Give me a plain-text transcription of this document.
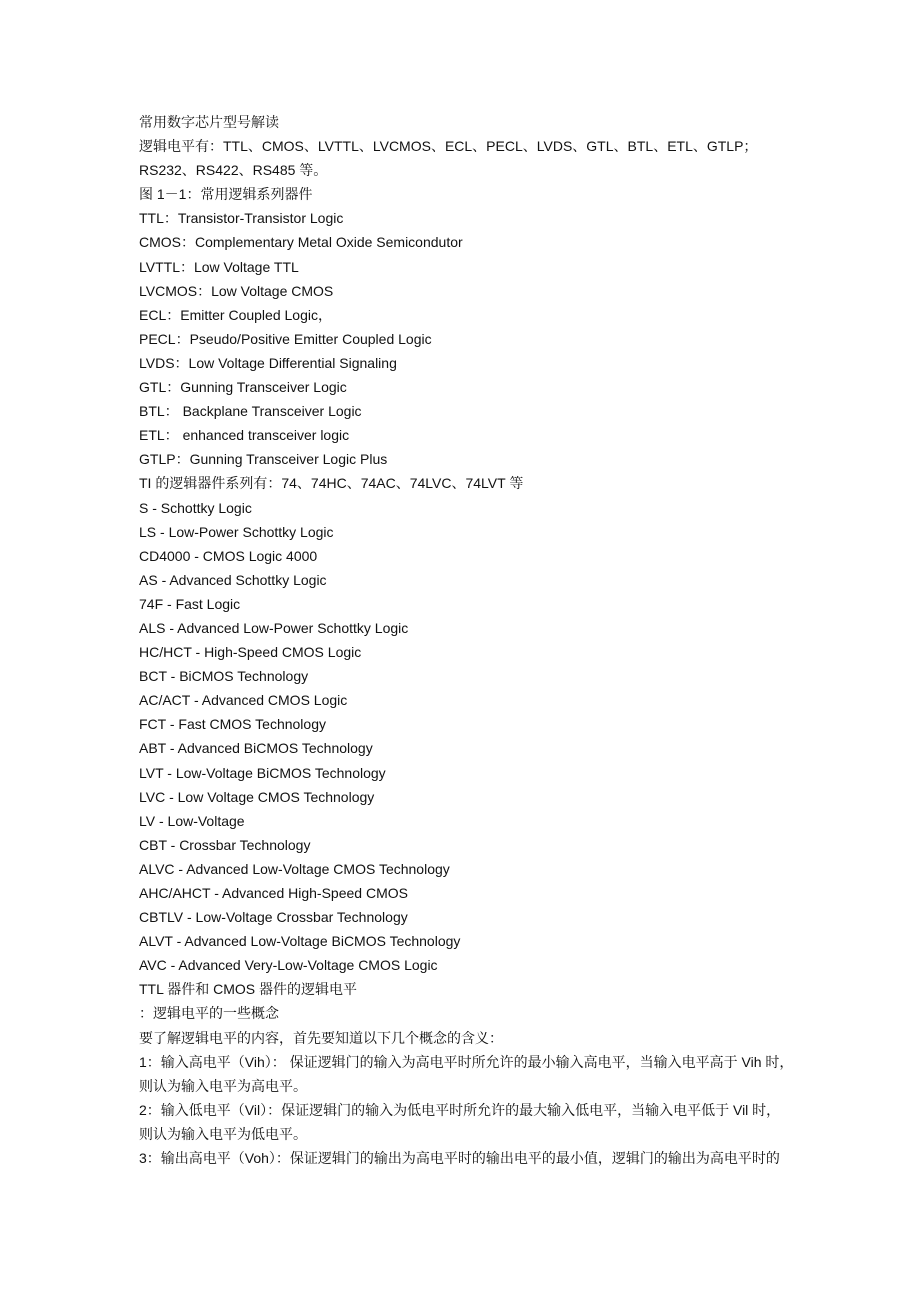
常用数字芯片型号解读
逻辑电平有：TTL、CMOS、LVTTL、LVCMOS、ECL、PECL、LVDS、GTL、BTL、ETL、GTLP；
RS232、RS422、RS485 等。
图 1－1：常用逻辑系列器件
TTL：Transistor-Transistor Logic
CMOS：Complementary Metal Oxide Semicondutor
LVTTL：Low Voltage TTL
LVCMOS：Low Voltage CMOS
ECL：Emitter Coupled Logic，
PECL：Pseudo/Positive Emitter Coupled Logic
LVDS：Low Voltage Differential Signaling
GTL：Gunning Transceiver Logic
BTL： Backplane Transceiver Logic
ETL： enhanced transceiver logic
GTLP：Gunning Transceiver Logic Plus
TI 的逻辑器件系列有：74、74HC、74AC、74LVC、74LVT 等
S - Schottky Logic
LS - Low-Power Schottky Logic
CD4000 - CMOS Logic 4000
AS - Advanced Schottky Logic
74F - Fast Logic
ALS - Advanced Low-Power Schottky Logic
HC/HCT - High-Speed CMOS Logic
BCT - BiCMOS Technology
AC/ACT - Advanced CMOS Logic
FCT - Fast CMOS Technology
ABT - Advanced BiCMOS Technology
LVT - Low-Voltage BiCMOS Technology
LVC - Low Voltage CMOS Technology
LV - Low-Voltage
CBT - Crossbar Technology
ALVC - Advanced Low-Voltage CMOS Technology
AHC/AHCT - Advanced High-Speed CMOS
CBTLV - Low-Voltage Crossbar Technology
ALVT - Advanced Low-Voltage BiCMOS Technology
AVC - Advanced Very-Low-Voltage CMOS Logic
TTL 器件和 CMOS 器件的逻辑电平
：逻辑电平的一些概念
要了解逻辑电平的内容，首先要知道以下几个概念的含义：
1：输入高电平（Vih）： 保证逻辑门的输入为高电平时所允许的最小输入高电平，当输入电平高于 Vih 时，
则认为输入电平为高电平。
2：输入低电平（Vil）：保证逻辑门的输入为低电平时所允许的最大输入低电平，当输入电平低于 Vil 时，
则认为输入电平为低电平。
3：输出高电平（Voh）：保证逻辑门的输出为高电平时的输出电平的最小值，逻辑门的输出为高电平时的
